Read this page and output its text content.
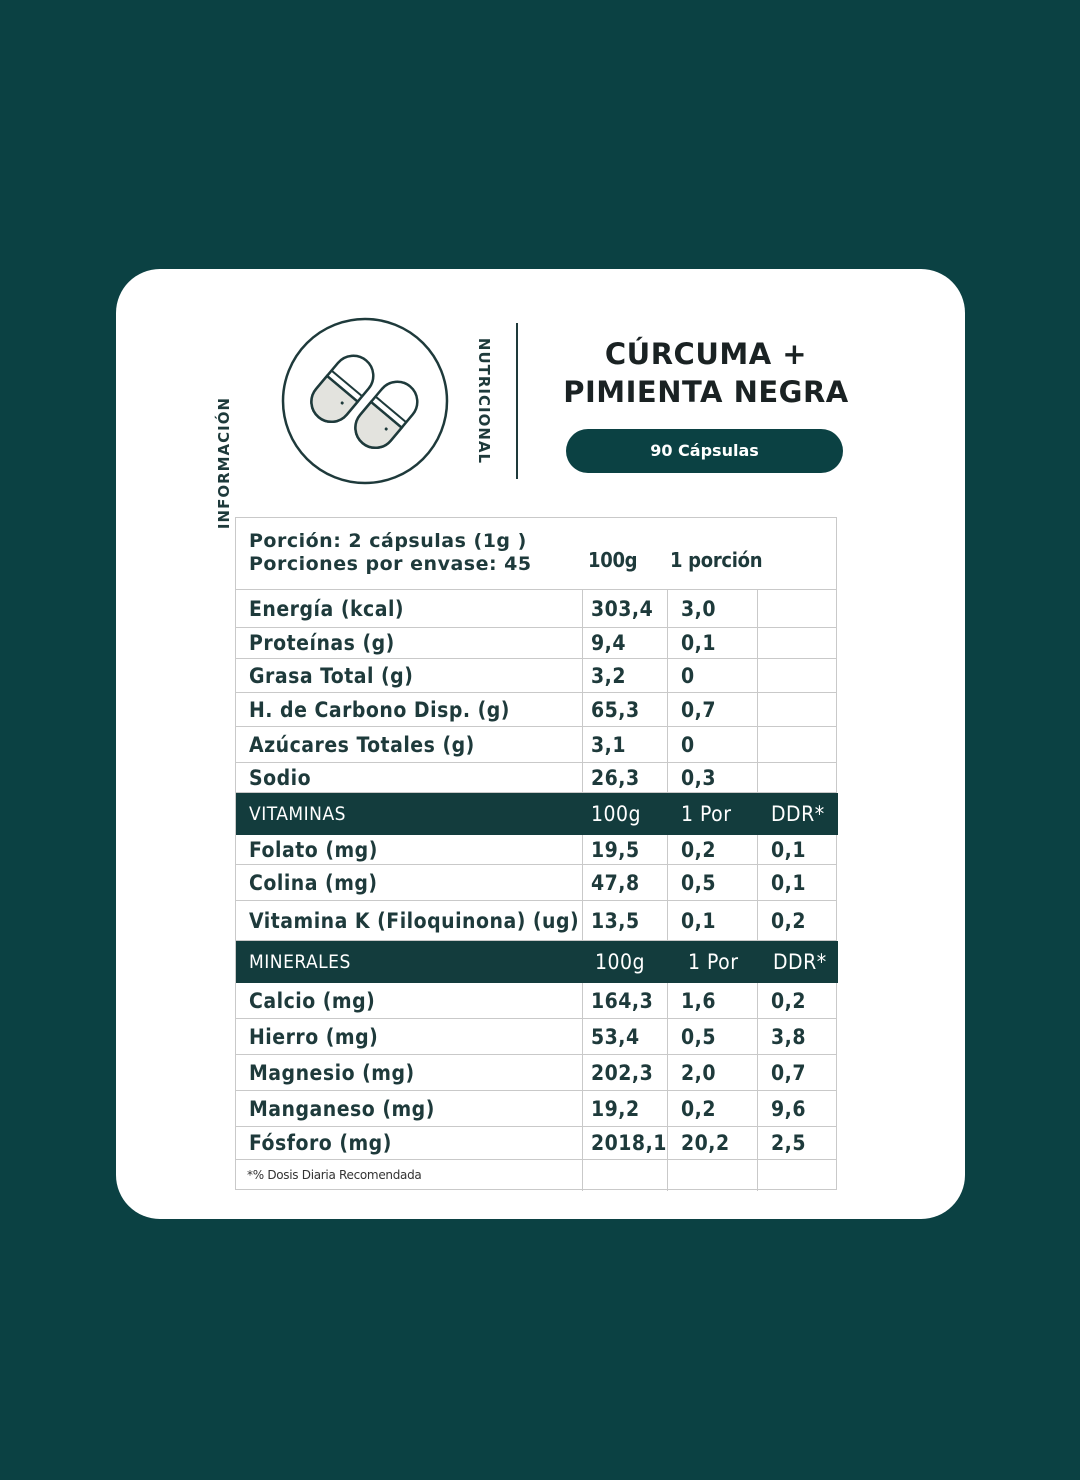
INFORMACIÓN	NUTRICIONAL	CÚRCUMA +
PIMIENTA NEGRA
90 Cápsulas
Porción: 2 cápsulas (1g )
Porciones por envase: 45	100g 1 porción
Energía (kcal)	303,4 3,0
Proteínas (g)	9,4	0,1
Grasa Total (g)	3,2	0
H. de Carbono Disp. (g)	65,3 0,7
Azúcares Totales (g)	3,1	0
Sodio	26,3 0,3
VITAMINAS	100g 1 Por DDR*
Folato (mg)	19,5 0,2	0,1
Colina (mg)	47,8 0,5	0,1
Vitamina K (Filoquinona) (ug) 13,5 0,1	0,2
MINERALES	100g 1 Por DDR*
Calcio (mg)	164,3 1,6	0,2
Hierro (mg)	53,4 0,5	3,8
Magnesio (mg)	202,3 2,0	0,7
Manganeso (mg)	19,2 0,2	9,6
Fósforo (mg)	2018,1 20,2 2,5
*% Dosis Diaria Recomendada
